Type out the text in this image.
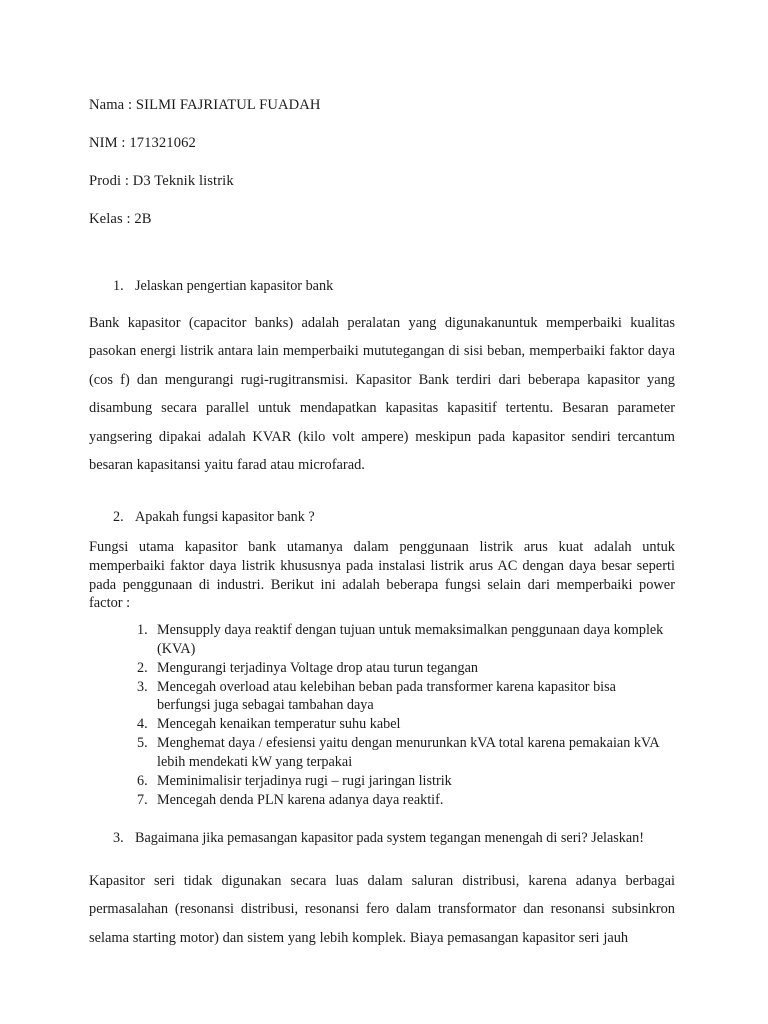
Nama : SILMI FAJRIATUL FUADAH
NIM : 171321062
Prodi : D3 Teknik listrik
Kelas : 2B
1. Jelaskan pengertian kapasitor bank

Bank kapasitor (capacitor banks) adalah peralatan yang digunakanuntuk memperbaiki kualitas pasokan energi listrik antara lain memperbaiki mututegangan di sisi beban, memperbaiki faktor daya (cos f) dan mengurangi rugi-rugitransmisi. Kapasitor Bank terdiri dari beberapa kapasitor yang disambung secara parallel untuk mendapatkan kapasitas kapasitif tertentu. Besaran parameter yangsering dipakai adalah KVAR (kilo volt ampere) meskipun pada kapasitor sendiri tercantum besaran kapasitansi yaitu farad atau microfarad.

2. Apakah fungsi kapasitor bank ?

Fungsi utama kapasitor bank utamanya dalam penggunaan listrik arus kuat adalah untuk memperbaiki faktor daya listrik khususnya pada instalasi listrik arus AC dengan daya besar seperti pada penggunaan di industri. Berikut ini adalah beberapa fungsi selain dari memperbaiki power factor :

1. Mensupply daya reaktif dengan tujuan untuk memaksimalkan penggunaan daya komplek (KVA)
2. Mengurangi terjadinya Voltage drop atau turun tegangan
3. Mencegah overload atau kelebihan beban pada transformer karena kapasitor bisa berfungsi juga sebagai tambahan daya
4. Mencegah kenaikan temperatur suhu kabel
5. Menghemat daya / efesiensi yaitu dengan menurunkan kVA total karena pemakaian kVA lebih mendekati kW yang terpakai
6. Meminimalisir terjadinya rugi – rugi jaringan listrik
7. Mencegah denda PLN karena adanya daya reaktif.
3. Bagaimana jika pemasangan kapasitor pada system tegangan menengah di seri? Jelaskan!

Kapasitor seri tidak digunakan secara luas dalam saluran distribusi, karena adanya berbagai permasalahan (resonansi distribusi, resonansi fero dalam transformator dan resonansi subsinkron selama starting motor) dan sistem yang lebih komplek. Biaya pemasangan kapasitor seri jauh
